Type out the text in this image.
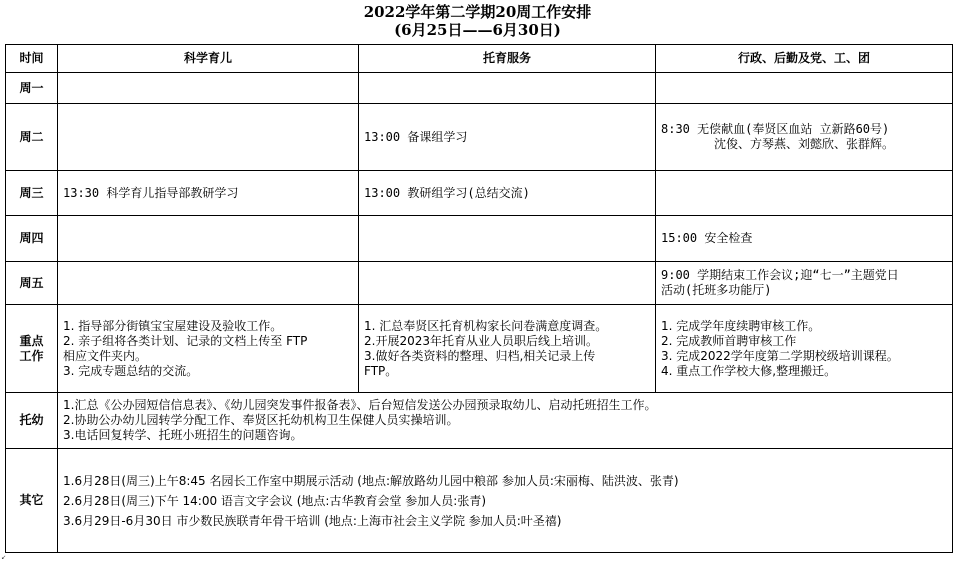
2022学年第二学期20周工作安排
(6月25日——6月30日)
时间	科学育儿	托育服务	行政、后勤及党、工、团
周一			
周二		13:00 备课组学习	8:30 无偿献血(奉贤区血站 立新路60号)
沈俊、方琴燕、刘懿欣、张群辉。

周三	13:30 科学育儿指导部教研学习	13:00 教研组学习(总结交流)	

周四			15:00 安全检查

周五			9:00 学期结束工作会议;迎“七一”主题党日
活动(托班多功能厅)

重点
工作	1. 指导部分街镇宝宝屋建设及验收工作。
2. 亲子组将各类计划、记录的文档上传至 FTP
相应文件夹内。
3. 完成专题总结的交流。	1. 汇总奉贤区托育机构家长问卷满意度调查。
2.开展2023年托育从业人员职后线上培训。
3.做好各类资料的整理、归档,相关记录上传
FTP。	1. 完成学年度续聘审核工作。
2. 完成教师首聘审核工作
3. 完成2022学年度第二学期校级培训课程。
4. 重点工作学校大修,整理搬迁。

托幼	1.汇总《公办园短信信息表》、《幼儿园突发事件报备表》、后台短信发送公办园预录取幼儿、启动托班招生工作。
2.协助公办幼儿园转学分配工作、奉贤区托幼机构卫生保健人员实操培训。
3.电话回复转学、托班小班招生的问题咨询。		

其它	1.6月28日(周三)上午8:45 名园长工作室中期展示活动 (地点:解放路幼儿园中粮部 参加人员:宋丽梅、陆洪波、张青)
2.6月28日(周三)下午 14:00 语言文字会议 (地点:古华教育会堂 参加人员:张青)
3.6月29日-6月30日 市少数民族联青年骨干培训 (地点:上海市社会主义学院 参加人员:叶圣禧)		
↙
